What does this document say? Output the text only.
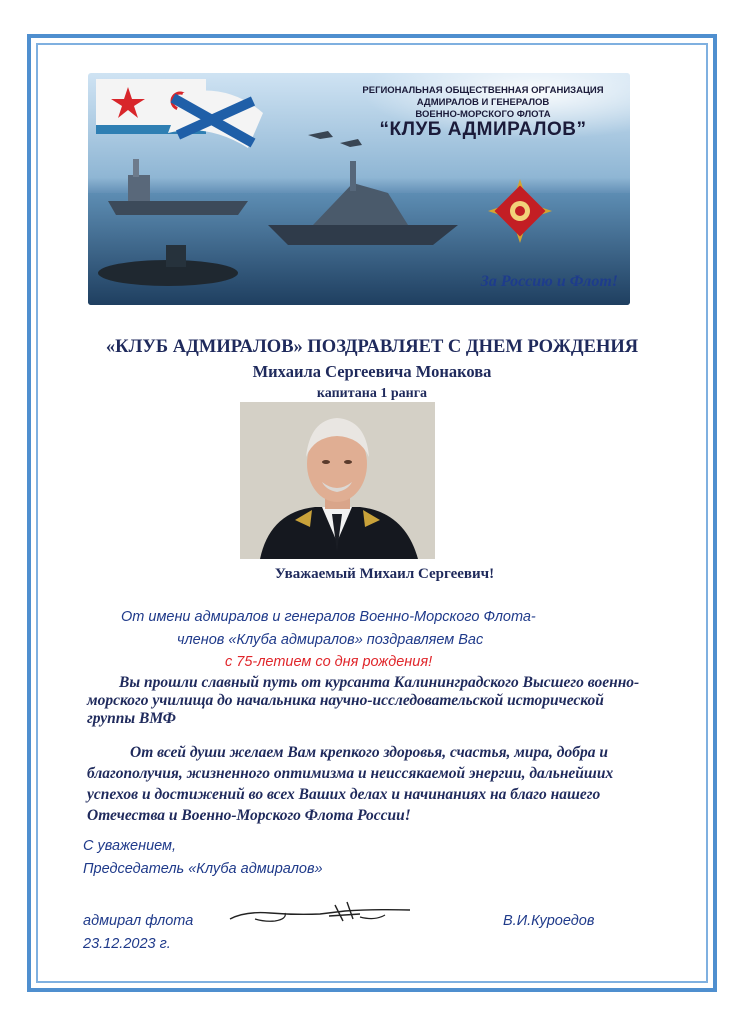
РЕГИОНАЛЬНАЯ ОБЩЕСТВЕННАЯ ОРГАНИЗАЦИЯ
АДМИРАЛОВ И ГЕНЕРАЛОВ
ВОЕННО-МОРСКОГО ФЛОТА
“КЛУБ АДМИРАЛОВ”
За Россию и Флот!
«КЛУБ АДМИРАЛОВ» ПОЗДРАВЛЯЕТ С ДНЕМ РОЖДЕНИЯ
Михаила Сергеевича Монакова
капитана 1 ранга
Уважаемый Михаил Сергеевич!
От имени адмиралов и генералов Военно-Морского Флота-
членов «Клуба адмиралов» поздравляем Вас
с 75-летием со дня рождения!
Вы прошли славный путь от курсанта Калининградского Высшего военно-
морского училища до начальника научно-исследовательской исторической
группы ВМФ
От всей души желаем Вам крепкого здоровья, счастья, мира, добра и
благополучия, жизненного оптимизма и неиссякаемой энергии, дальнейших
успехов и достижений во всех Ваших делах и начинаниях на благо нашего
Отечества и Военно-Морского Флота России!
С уважением,
Председатель «Клуба адмиралов»
адмирал флота
23.12.2023 г.
В.И.Куроедов
